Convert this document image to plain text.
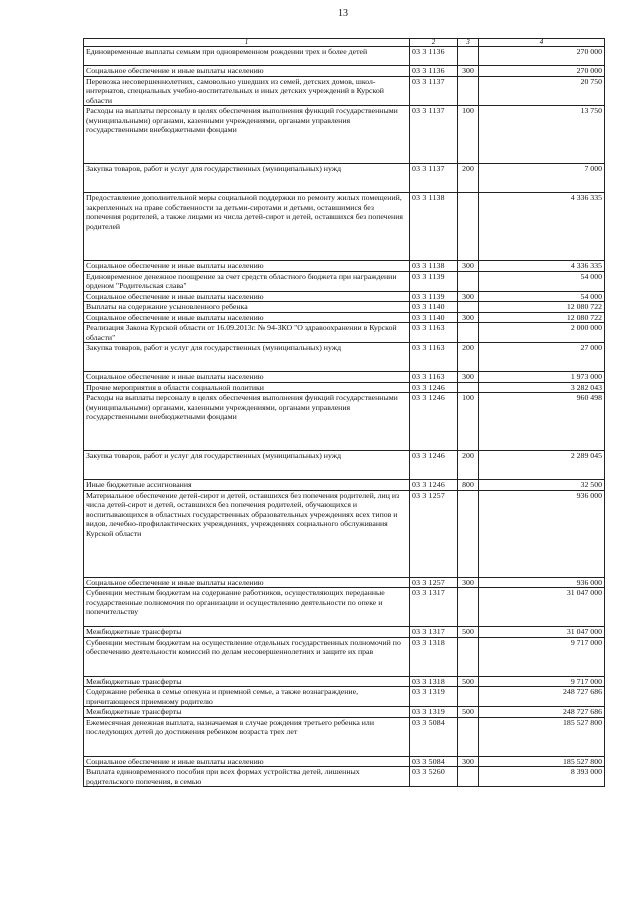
13
1	2	3	4
Единовременные выплаты семьям при одновременном рождении трех и более детей	03 3 1136		270 000
Социальное обеспечение и иные выплаты населению	03 3 1136	300	270 000
Перевозка несовершеннолетних, самовольно ушедших из семей, детских домов, школ-интернатов, специальных учебно-воспитательных и иных детских учреждений в Курской области	03 3 1137		20 750
Расходы на выплаты персоналу в целях обеспечения выполнения функций государственными (муниципальными) органами, казенными учреждениями, органами управления государственными внебюджетными фондами	03 3 1137	100	13 750
Закупка товаров, работ и услуг для государственных (муниципальных) нужд	03 3 1137	200	7 000
Предоставление дополнительной меры социальной поддержки по ремонту жилых помещений, закрепленных на праве собственности за детьми-сиротами и детьми, оставшимися без попечения родителей, а также лицами из числа детей-сирот и детей, оставшихся без попечения родителей	03 3 1138		4 336 335
Социальное обеспечение и иные выплаты населению	03 3 1138	300	4 336 335
Единовременное денежное поощрение за счет средств областного бюджета при награждении орденом "Родительская слава"	03 3 1139		54 000
Социальное обеспечение и иные выплаты населению	03 3 1139	300	54 000
Выплаты на содержание усыновленного ребенка	03 3 1140		12 080 722
Социальное обеспечение и иные выплаты населению	03 3 1140	300	12 080 722
Реализация Закона Курской области от 16.09.2013г. № 94-ЗКО "О здравоохранении в Курской области"	03 3 1163		2 000 000
Закупка товаров, работ и услуг для государственных (муниципальных) нужд	03 3 1163	200	27 000
Социальное обеспечение и иные выплаты населению	03 3 1163	300	1 973 000
Прочие мероприятия в области социальной политики	03 3 1246		3 282 043
Расходы на выплаты персоналу в целях обеспечения выполнения функций государственными (муниципальными) органами, казенными учреждениями, органами управления государственными внебюджетными фондами	03 3 1246	100	960 498
Закупка товаров, работ и услуг для государственных (муниципальных) нужд	03 3 1246	200	2 289 045
Иные бюджетные ассигнования	03 3 1246	800	32 500
Материальное обеспечение детей-сирот и детей, оставшихся без попечения родителей, лиц из числа детей-сирот и детей, оставшихся без попечения родителей, обучающихся и воспитывающихся в областных государственных образовательных учреждениях всех типов и видов, лечебно-профилактических учреждениях, учреждениях социального обслуживания Курской области	03 3 1257		936 000
Социальное обеспечение и иные выплаты населению	03 3 1257	300	936 000
Субвенции местным бюджетам на содержание работников, осуществляющих переданные государственные полномочия по организации и осуществлению деятельности по опеке и попечительству	03 3 1317		31 047 000
Межбюджетные трансферты	03 3 1317	500	31 047 000
Субвенции местным бюджетам на осуществление отдельных государственных полномочий по обеспечению деятельности комиссий по делам несовершеннолетних и защите их прав	03 3 1318		9 717 000
Межбюджетные трансферты	03 3 1318	500	9 717 000
Содержание ребенка в семье опекуна и приемной семье, а также вознаграждение, причитающееся приемному родителю	03 3 1319		248 727 686
Межбюджетные трансферты	03 3 1319	500	248 727 686
Ежемесячная денежная выплата, назначаемая в случае рождения третьего ребенка или последующих детей до достижения ребенком возраста трех лет	03 3 5084		185 527 800
Социальное обеспечение и иные выплаты населению	03 3 5084	300	185 527 800
Выплата единовременного пособия при всех формах устройства детей, лишенных родительского попечения, в семью	03 3 5260		8 393 000
